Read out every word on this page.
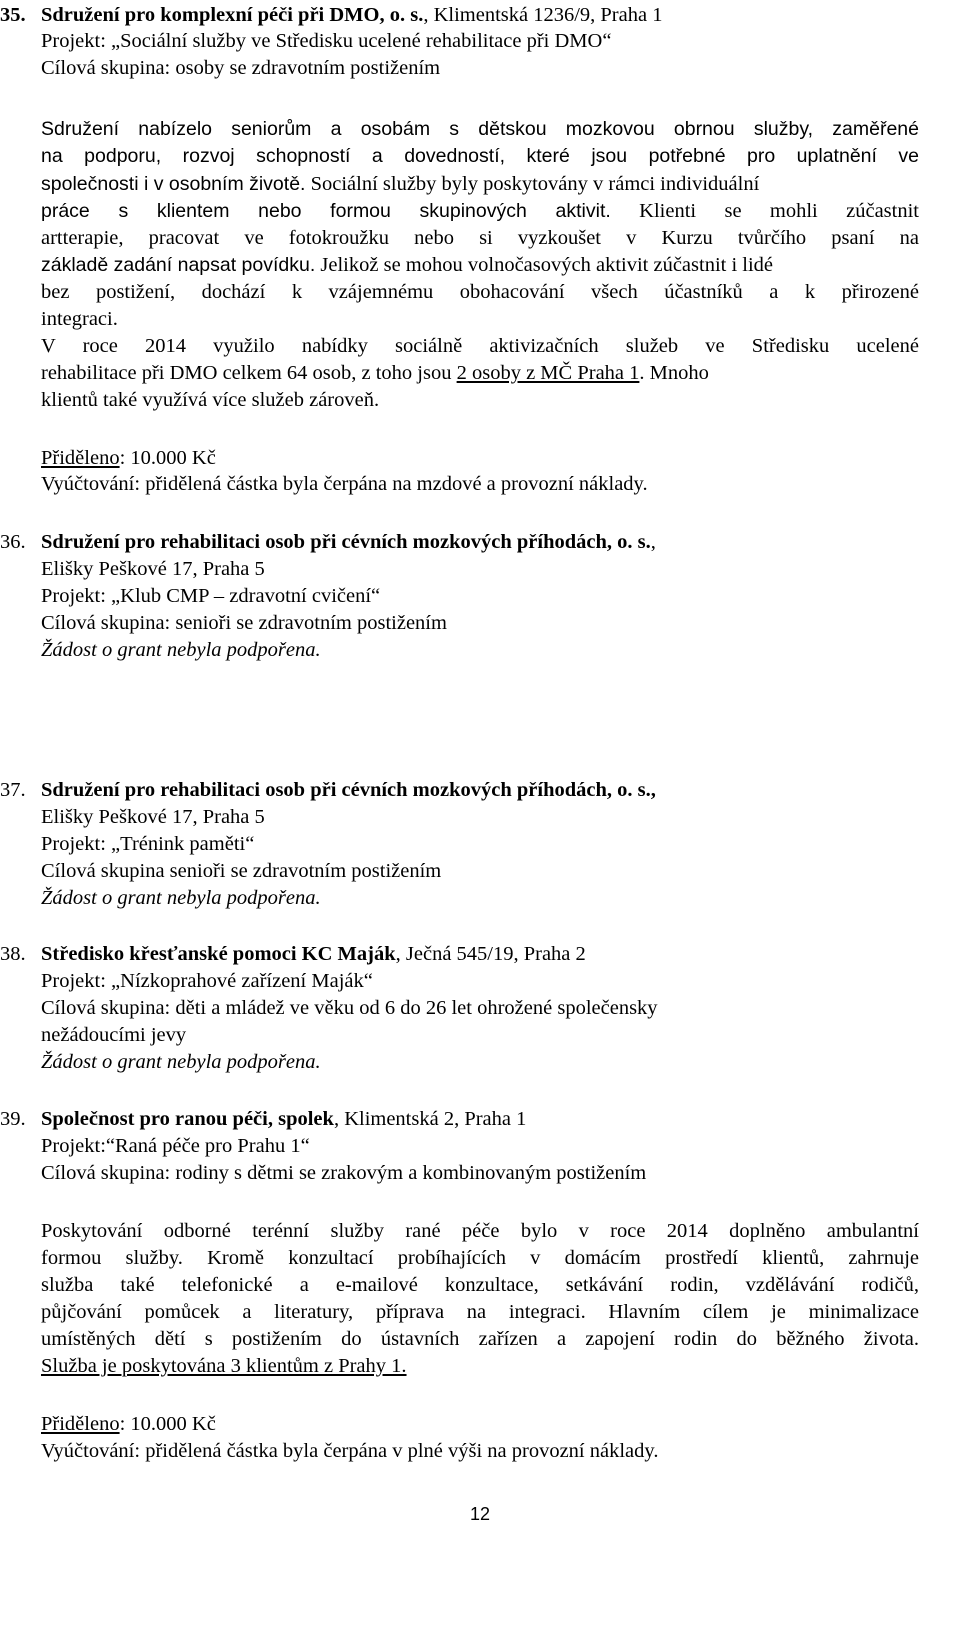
35. Sdružení pro komplexní péči při DMO, o. s., Klimentská 1236/9, Praha 1
Projekt: „Sociální služby ve Středisku ucelené rehabilitace při DMO“
Cílová skupina: osoby se zdravotním postižením
Sdružení nabízelo seniorům a osobám s dětskou mozkovou obrnou služby, zaměřené
na podporu, rozvoj schopností a dovedností, které jsou potřebné pro uplatnění ve
společnosti i v osobním životě. Sociální služby byly poskytovány v rámci individuální
práce s klientem nebo formou skupinových aktivit. Klienti se mohli zúčastnit
artterapie, pracovat ve fotokroužku nebo si vyzkoušet v Kurzu tvůrčího psaní na
základě zadání napsat povídku. Jelikož se mohou volnočasových aktivit zúčastnit i lidé
bez postižení, dochází k vzájemnému obohacování všech účastníků a k přirozené
integraci.
V roce 2014 využilo nabídky sociálně aktivizačních služeb ve Středisku ucelené
rehabilitace při DMO celkem 64 osob, z toho jsou 2 osoby z MČ Praha 1. Mnoho
klientů také využívá více služeb zároveň.
Přiděleno: 10.000 Kč
Vyúčtování: přidělená částka byla čerpána na mzdové a provozní náklady.
36. Sdružení pro rehabilitaci osob při cévních mozkových příhodách, o. s.,
Elišky Peškové 17, Praha 5
Projekt: „Klub CMP – zdravotní cvičení“
Cílová skupina: senioři se zdravotním postižením
Žádost o grant nebyla podpořena.
37. Sdružení pro rehabilitaci osob při cévních mozkových příhodách, o. s.,
Elišky Peškové 17, Praha 5
Projekt: „Trénink paměti“
Cílová skupina senioři se zdravotním postižením
Žádost o grant nebyla podpořena.
38. Středisko křesťanské pomoci KC Maják, Ječná 545/19, Praha 2
Projekt: „Nízkoprahové zařízení Maják“
Cílová skupina: děti a mládež ve věku od 6 do 26 let ohrožené společensky
nežádoucími jevy
Žádost o grant nebyla podpořena.
39. Společnost pro ranou péči, spolek, Klimentská 2, Praha 1
Projekt:“Raná péče pro Prahu 1“
Cílová skupina: rodiny s dětmi se zrakovým a kombinovaným postižením
Poskytování odborné terénní služby rané péče bylo v roce 2014 doplněno ambulantní
formou služby. Kromě konzultací probíhajících v domácím prostředí klientů, zahrnuje
služba také telefonické a e-mailové konzultace, setkávání rodin, vzdělávání rodičů,
půjčování pomůcek a literatury, příprava na integraci. Hlavním cílem je minimalizace
umístěných dětí s postižením do ústavních zařízen a zapojení rodin do běžného života.
Služba je poskytována 3 klientům z Prahy 1.
Přiděleno: 10.000 Kč
Vyúčtování: přidělená částka byla čerpána v plné výši na provozní náklady.
12
